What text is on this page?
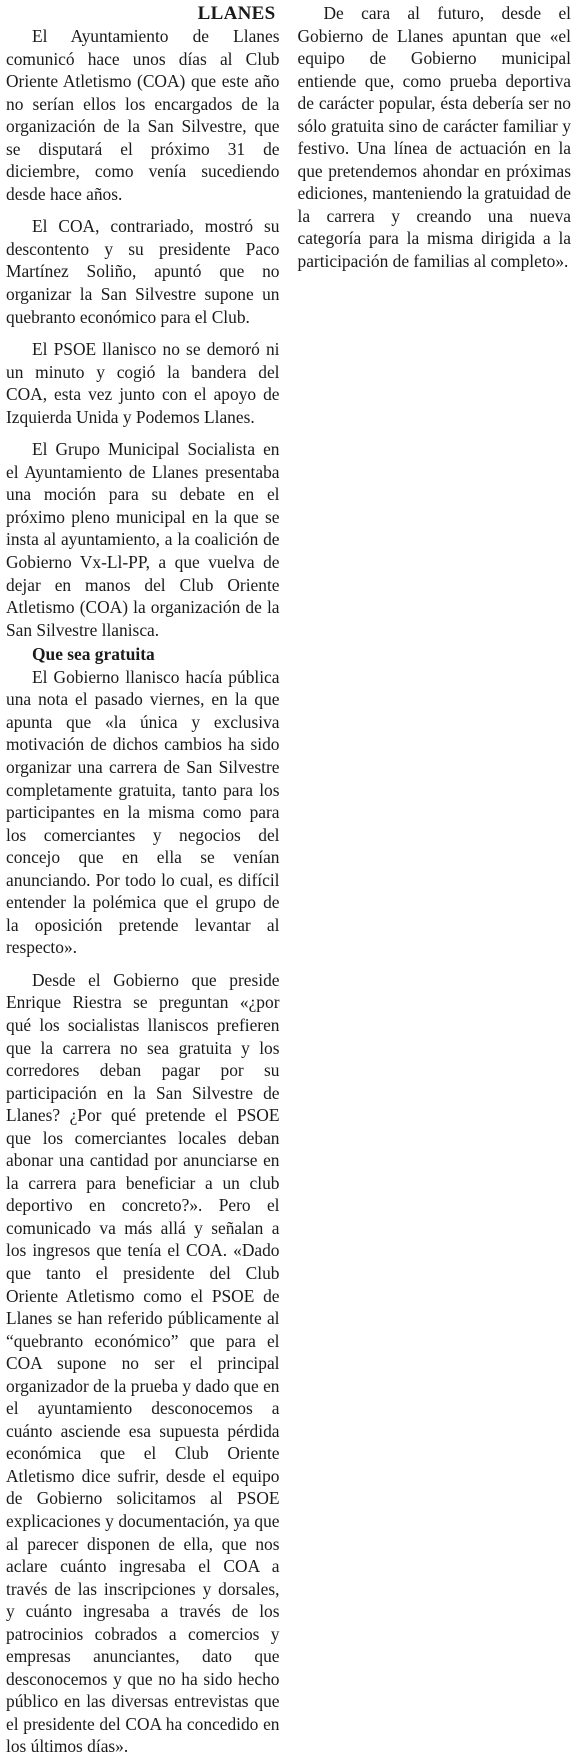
LLANES

El Ayuntamiento de Llanes comunicó hace unos días al Club Oriente Atletismo (COA) que este año no serían ellos los encargados de la organización de la San Silvestre, que se disputará el próximo 31 de diciembre, como venía sucediendo desde hace años.

El COA, contrariado, mostró su descontento y su presidente Paco Martínez Soliño, apuntó que no organizar la San Silvestre supone un quebranto económico para el Club.

El PSOE llanisco no se demoró ni un minuto y cogió la bandera del COA, esta vez junto con el apoyo de Izquierda Unida y Podemos Llanes.

El Grupo Municipal Socialista en el Ayuntamiento de Llanes presentaba una moción para su debate en el próximo pleno municipal en la que se insta al ayuntamiento, a la coalición de Gobierno Vx-Ll-PP, a que vuelva de dejar en manos del Club Oriente Atletismo (COA) la organización de la San Silvestre llanisca.

Que sea gratuita

El Gobierno llanisco hacía pública una nota el pasado viernes, en la que apunta que «la única y exclusiva motivación de dichos cambios ha sido organizar una carrera de San Silvestre completamente gratuita, tanto para los participantes en la misma como para los comerciantes y negocios del concejo que en ella se venían anunciando. Por todo lo cual, es difícil entender la polémica que el grupo de la oposición pretende levantar al respecto».

Desde el Gobierno que preside Enrique Riestra se preguntan «¿por qué los socialistas llaniscos prefieren que la carrera no sea gratuita y los corredores deban pagar por su participación en la San Silvestre de Llanes? ¿Por qué pretende el PSOE que los comerciantes locales deban abonar una cantidad por anunciarse en la carrera para beneficiar a un club deportivo en concreto?». Pero el comunicado va más allá y señalan a los ingresos que tenía el COA. «Dado que tanto el presidente del Club Oriente Atletismo como el PSOE de Llanes se han referido públicamente al “quebranto económico” que para el COA supone no ser el principal organizador de la prueba y dado que en el ayuntamiento desconocemos a cuánto asciende esa supuesta pérdida económica que el Club Oriente Atletismo dice sufrir, desde el equipo de Gobierno solicitamos al PSOE explicaciones y documentación, ya que al parecer disponen de ella, que nos aclare cuánto ingresaba el COA a través de las inscripciones y dorsales, y cuánto ingresaba a través de los patrocinios cobrados a comercios y empresas anunciantes, dato que desconocemos y que no ha sido hecho público en las diversas entrevistas que el presidente del COA ha concedido en los últimos días».

De cara al futuro, desde el Gobierno de Llanes apuntan que «el equipo de Gobierno municipal entiende que, como prueba deportiva de carácter popular, ésta debería ser no sólo gratuita sino de carácter familiar y festivo. Una línea de actuación en la que pretendemos ahondar en próximas ediciones, manteniendo la gratuidad de la carrera y creando una nueva categoría para la misma dirigida a la participación de familias al completo».
